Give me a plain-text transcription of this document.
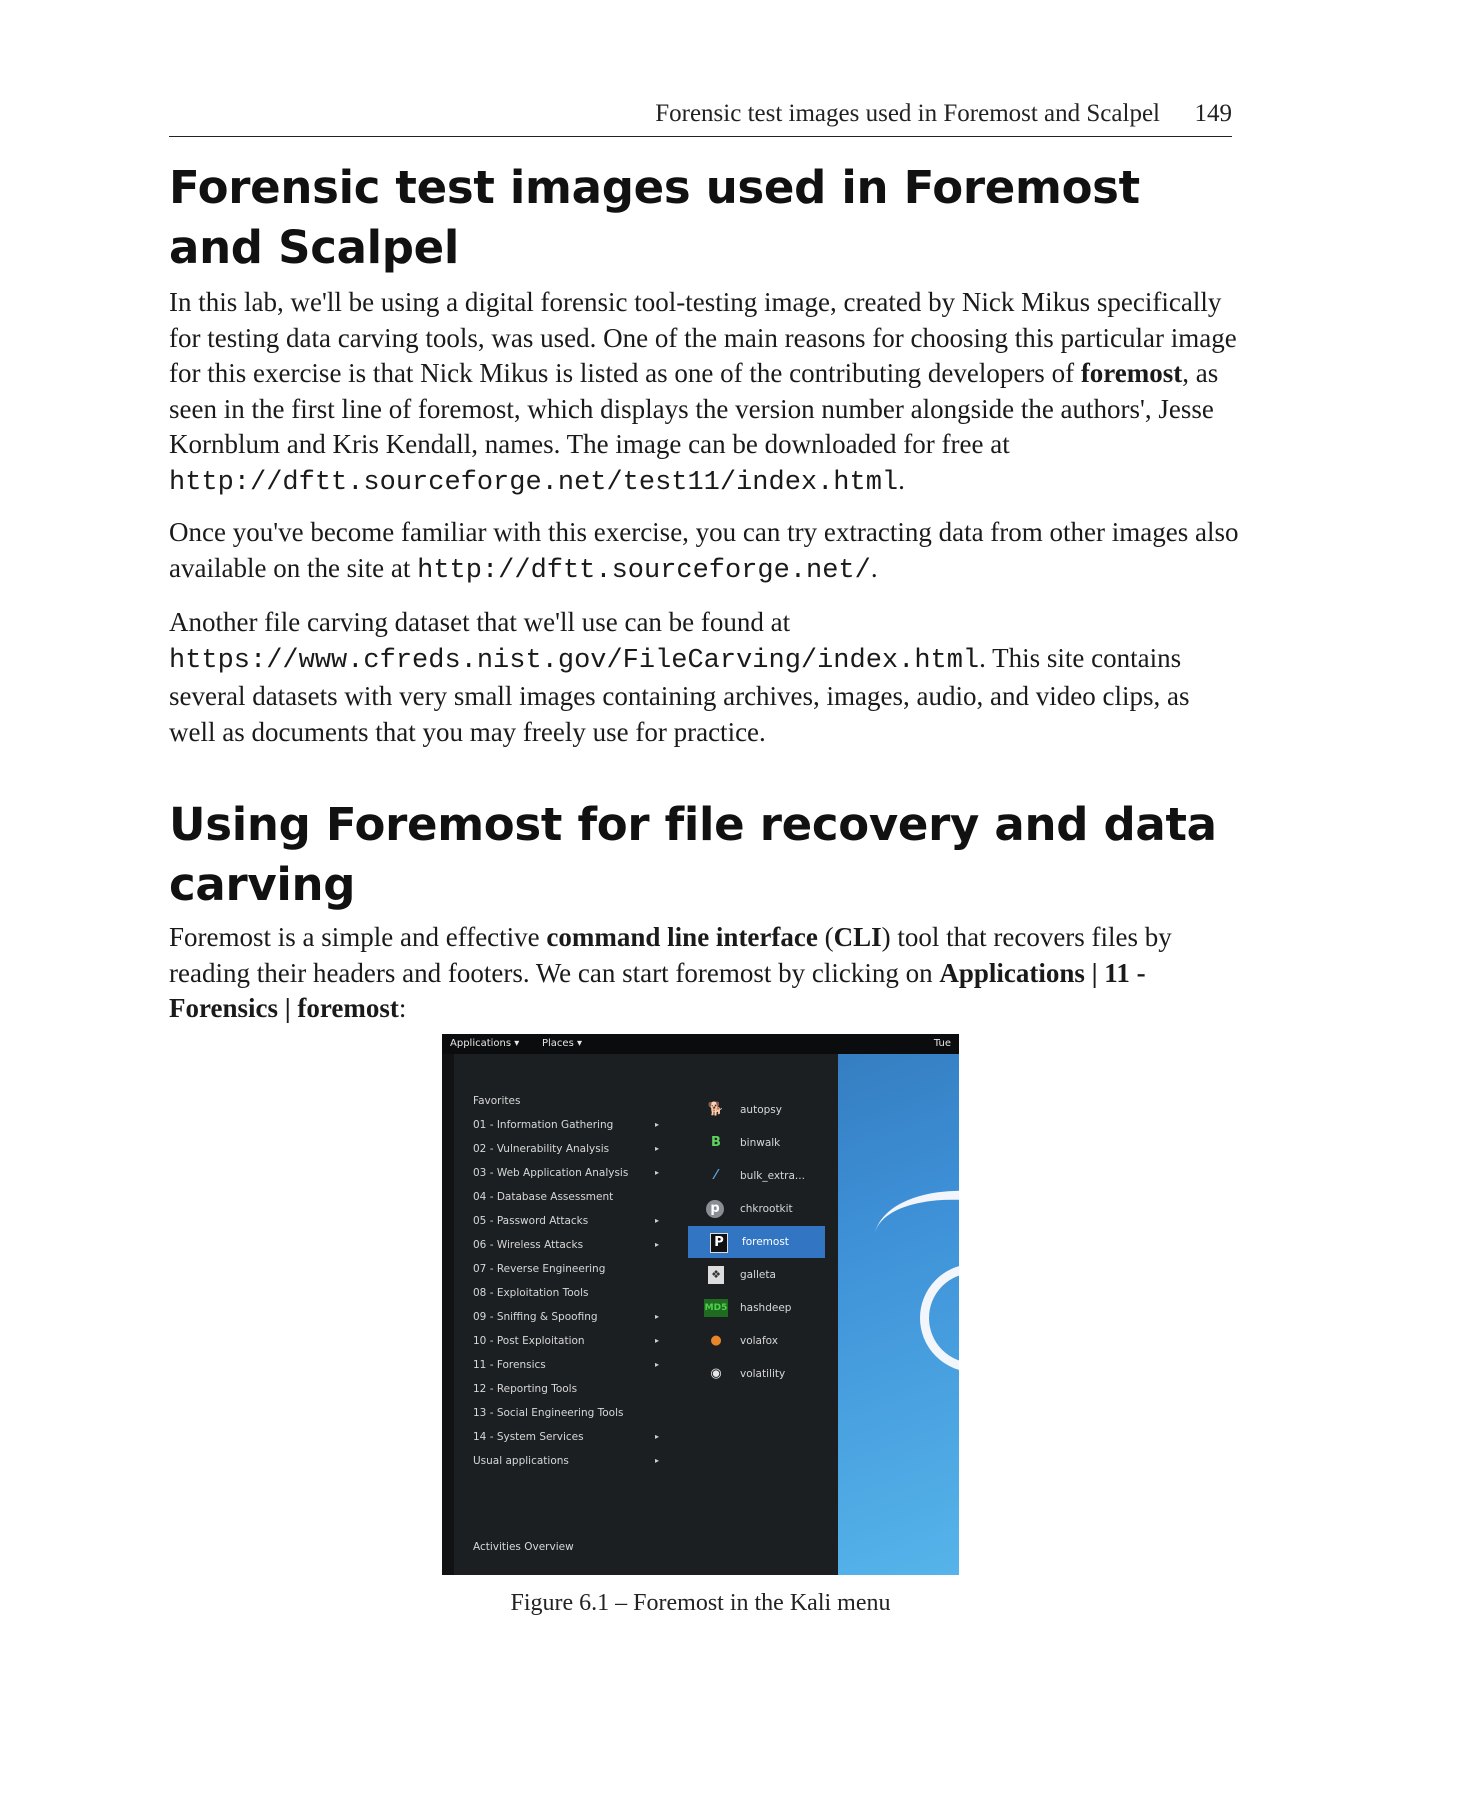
Forensic test images used in Foremost and Scalpel 149
Forensic test images used in Foremost
and Scalpel

In this lab, we'll be using a digital forensic tool-testing image, created by Nick Mikus specifically for testing data carving tools, was used. One of the main reasons for choosing this particular image for this exercise is that Nick Mikus is listed as one of the contributing developers of foremost, as seen in the first line of foremost, which displays the version number alongside the authors', Jesse Kornblum and Kris Kendall, names. The image can be downloaded for free at http://dftt.sourceforge.net/test11/index.html.

Once you've become familiar with this exercise, you can try extracting data from other images also available on the site at http://dftt.sourceforge.net/.

Another file carving dataset that we'll use can be found at https://www.cfreds.nist.gov/FileCarving/index.html. This site contains several datasets with very small images containing archives, images, audio, and video clips, as well as documents that you may freely use for practice.

Using Foremost for file recovery and data
carving

Foremost is a simple and effective command line interface (CLI) tool that recovers files by reading their headers and footers. We can start foremost by clicking on Applications | 11 - Forensics | foremost:

Applications ▾ Places ▾	Tue
Favorites
01 - Information Gathering	▸
02 - Vulnerability Analysis	▸
03 - Web Application Analysis	▸
04 - Database Assessment
05 - Password Attacks	▸
06 - Wireless Attacks	▸
07 - Reverse Engineering
08 - Exploitation Tools
09 - Sniffing & Spoofing	▸
10 - Post Exploitation	▸
11 - Forensics	▸
12 - Reporting Tools
13 - Social Engineering Tools
14 - System Services	▸
Usual applications	▸
Activities Overview
🐕 autopsy
B	binwalk
⁄	bulk_extra...
p	chkrootkit
P	foremost
❖ galleta
MD5 hashdeep
●	volafox
◉	volatility
Figure 6.1 – Foremost in the Kali menu
